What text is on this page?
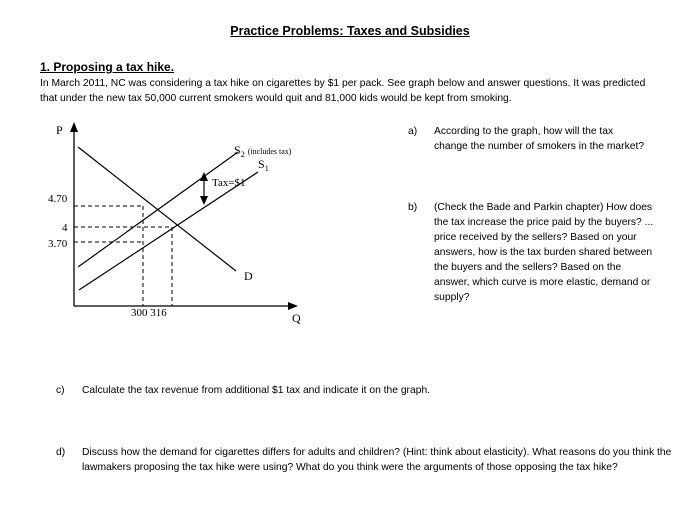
Practice Problems: Taxes and Subsidies
1. Proposing a tax hike.
In March 2011, NC was considering a tax hike on cigarettes by $1 per pack. See graph below and answer questions. It was predicted that under the new tax 50,000 current smokers would quit and 81,000 kids would be kept from smoking.
P
Q
4.70
4
3.70
300 316
D
Tax=$1
$S_2$ $^{(includes tax)}$
$S_1$
a)	According to the graph, how will the tax change the number of smokers in the market?
b)	(Check the Bade and Parkin chapter) How does the tax increase the price paid by the buyers? ... price received by the sellers? Based on your answers, how is the tax burden shared between the buyers and the sellers? Based on the answer, which curve is more elastic, demand or supply?
c)	Calculate the tax revenue from additional $1 tax and indicate it on the graph.
d)	Discuss how the demand for cigarettes differs for adults and children? (Hint: think about elasticity). What reasons do you think the lawmakers proposing the tax hike were using? What do you think were the arguments of those opposing the tax hike?
